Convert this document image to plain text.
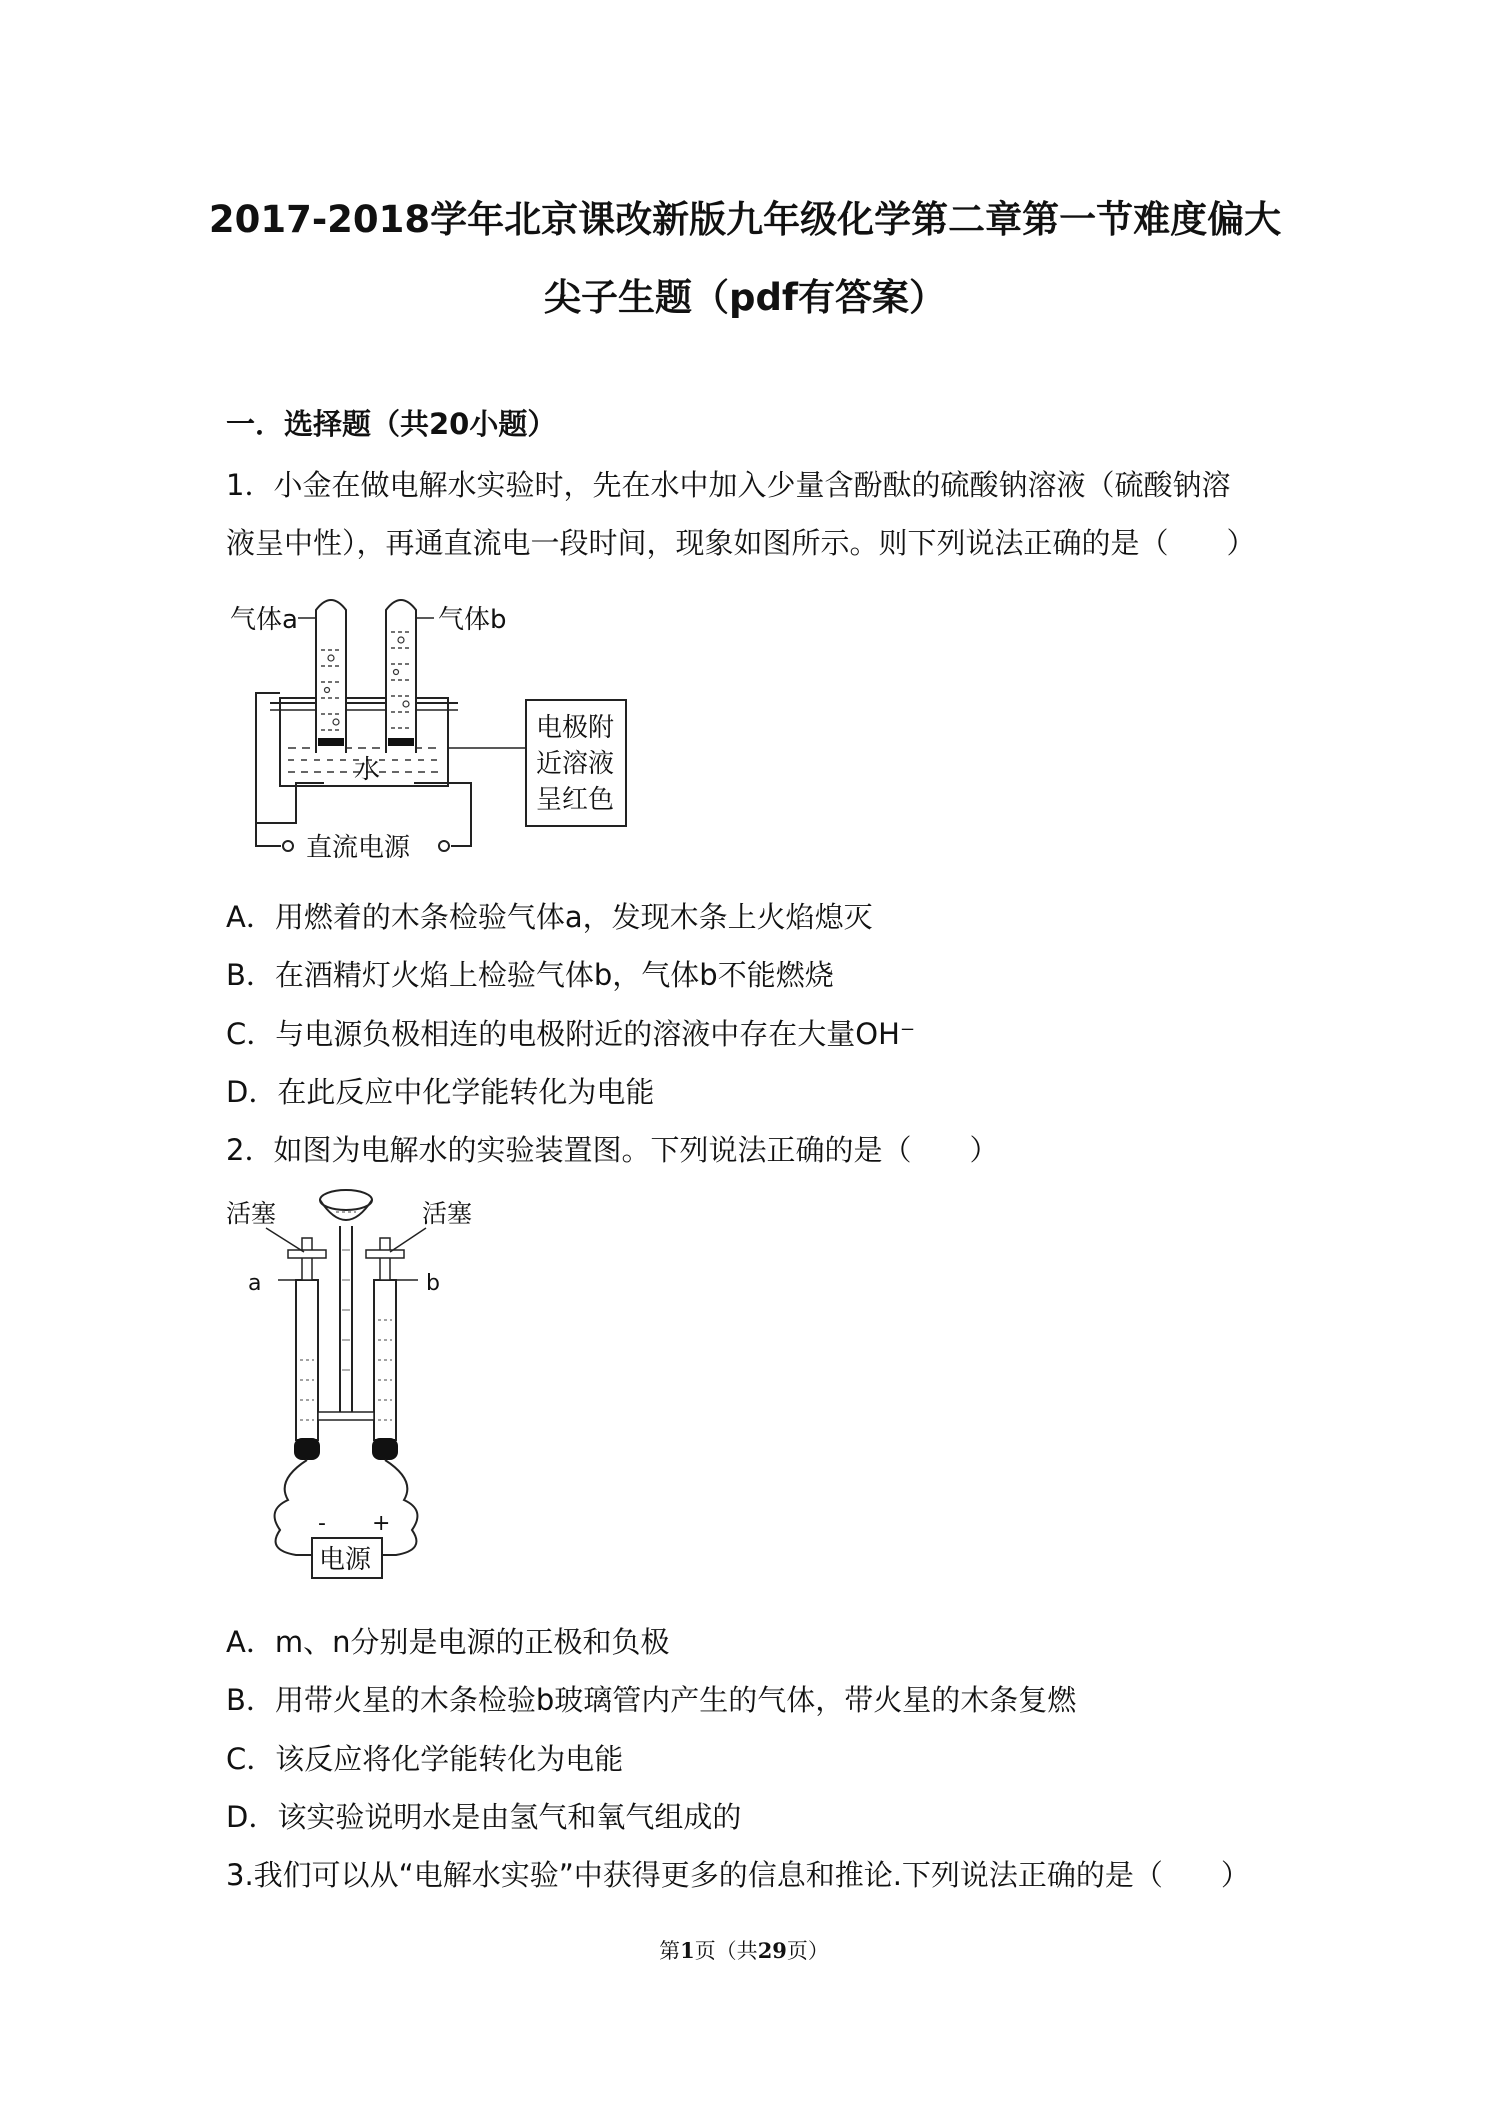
2017-2018学年北京课改新版九年级化学第二章第一节难度偏大
尖子生题（pdf有答案）
一．选择题（共20小题）
1．小金在做电解水实验时，先在水中加入少量含酚酞的硫酸钠溶液（硫酸钠溶
液呈中性），再通直流电一段时间，现象如图所示。则下列说法正确的是（　　）
气体a	气体b
水
直流电源
电极附
近溶液
呈红色
A．用燃着的木条检验气体a，发现木条上火焰熄灭
B．在酒精灯火焰上检验气体b，气体b不能燃烧
C．与电源负极相连的电极附近的溶液中存在大量OH⁻
D．在此反应中化学能转化为电能
2．如图为电解水的实验装置图。下列说法正确的是（　　）
活塞	活塞
a	b
- +
电源
A．m、n分别是电源的正极和负极
B．用带火星的木条检验b玻璃管内产生的气体，带火星的木条复燃
C．该反应将化学能转化为电能
D．该实验说明水是由氢气和氧气组成的
3.我们可以从“电解水实验”中获得更多的信息和推论.下列说法正确的是（　　）
第1页（共29页）
